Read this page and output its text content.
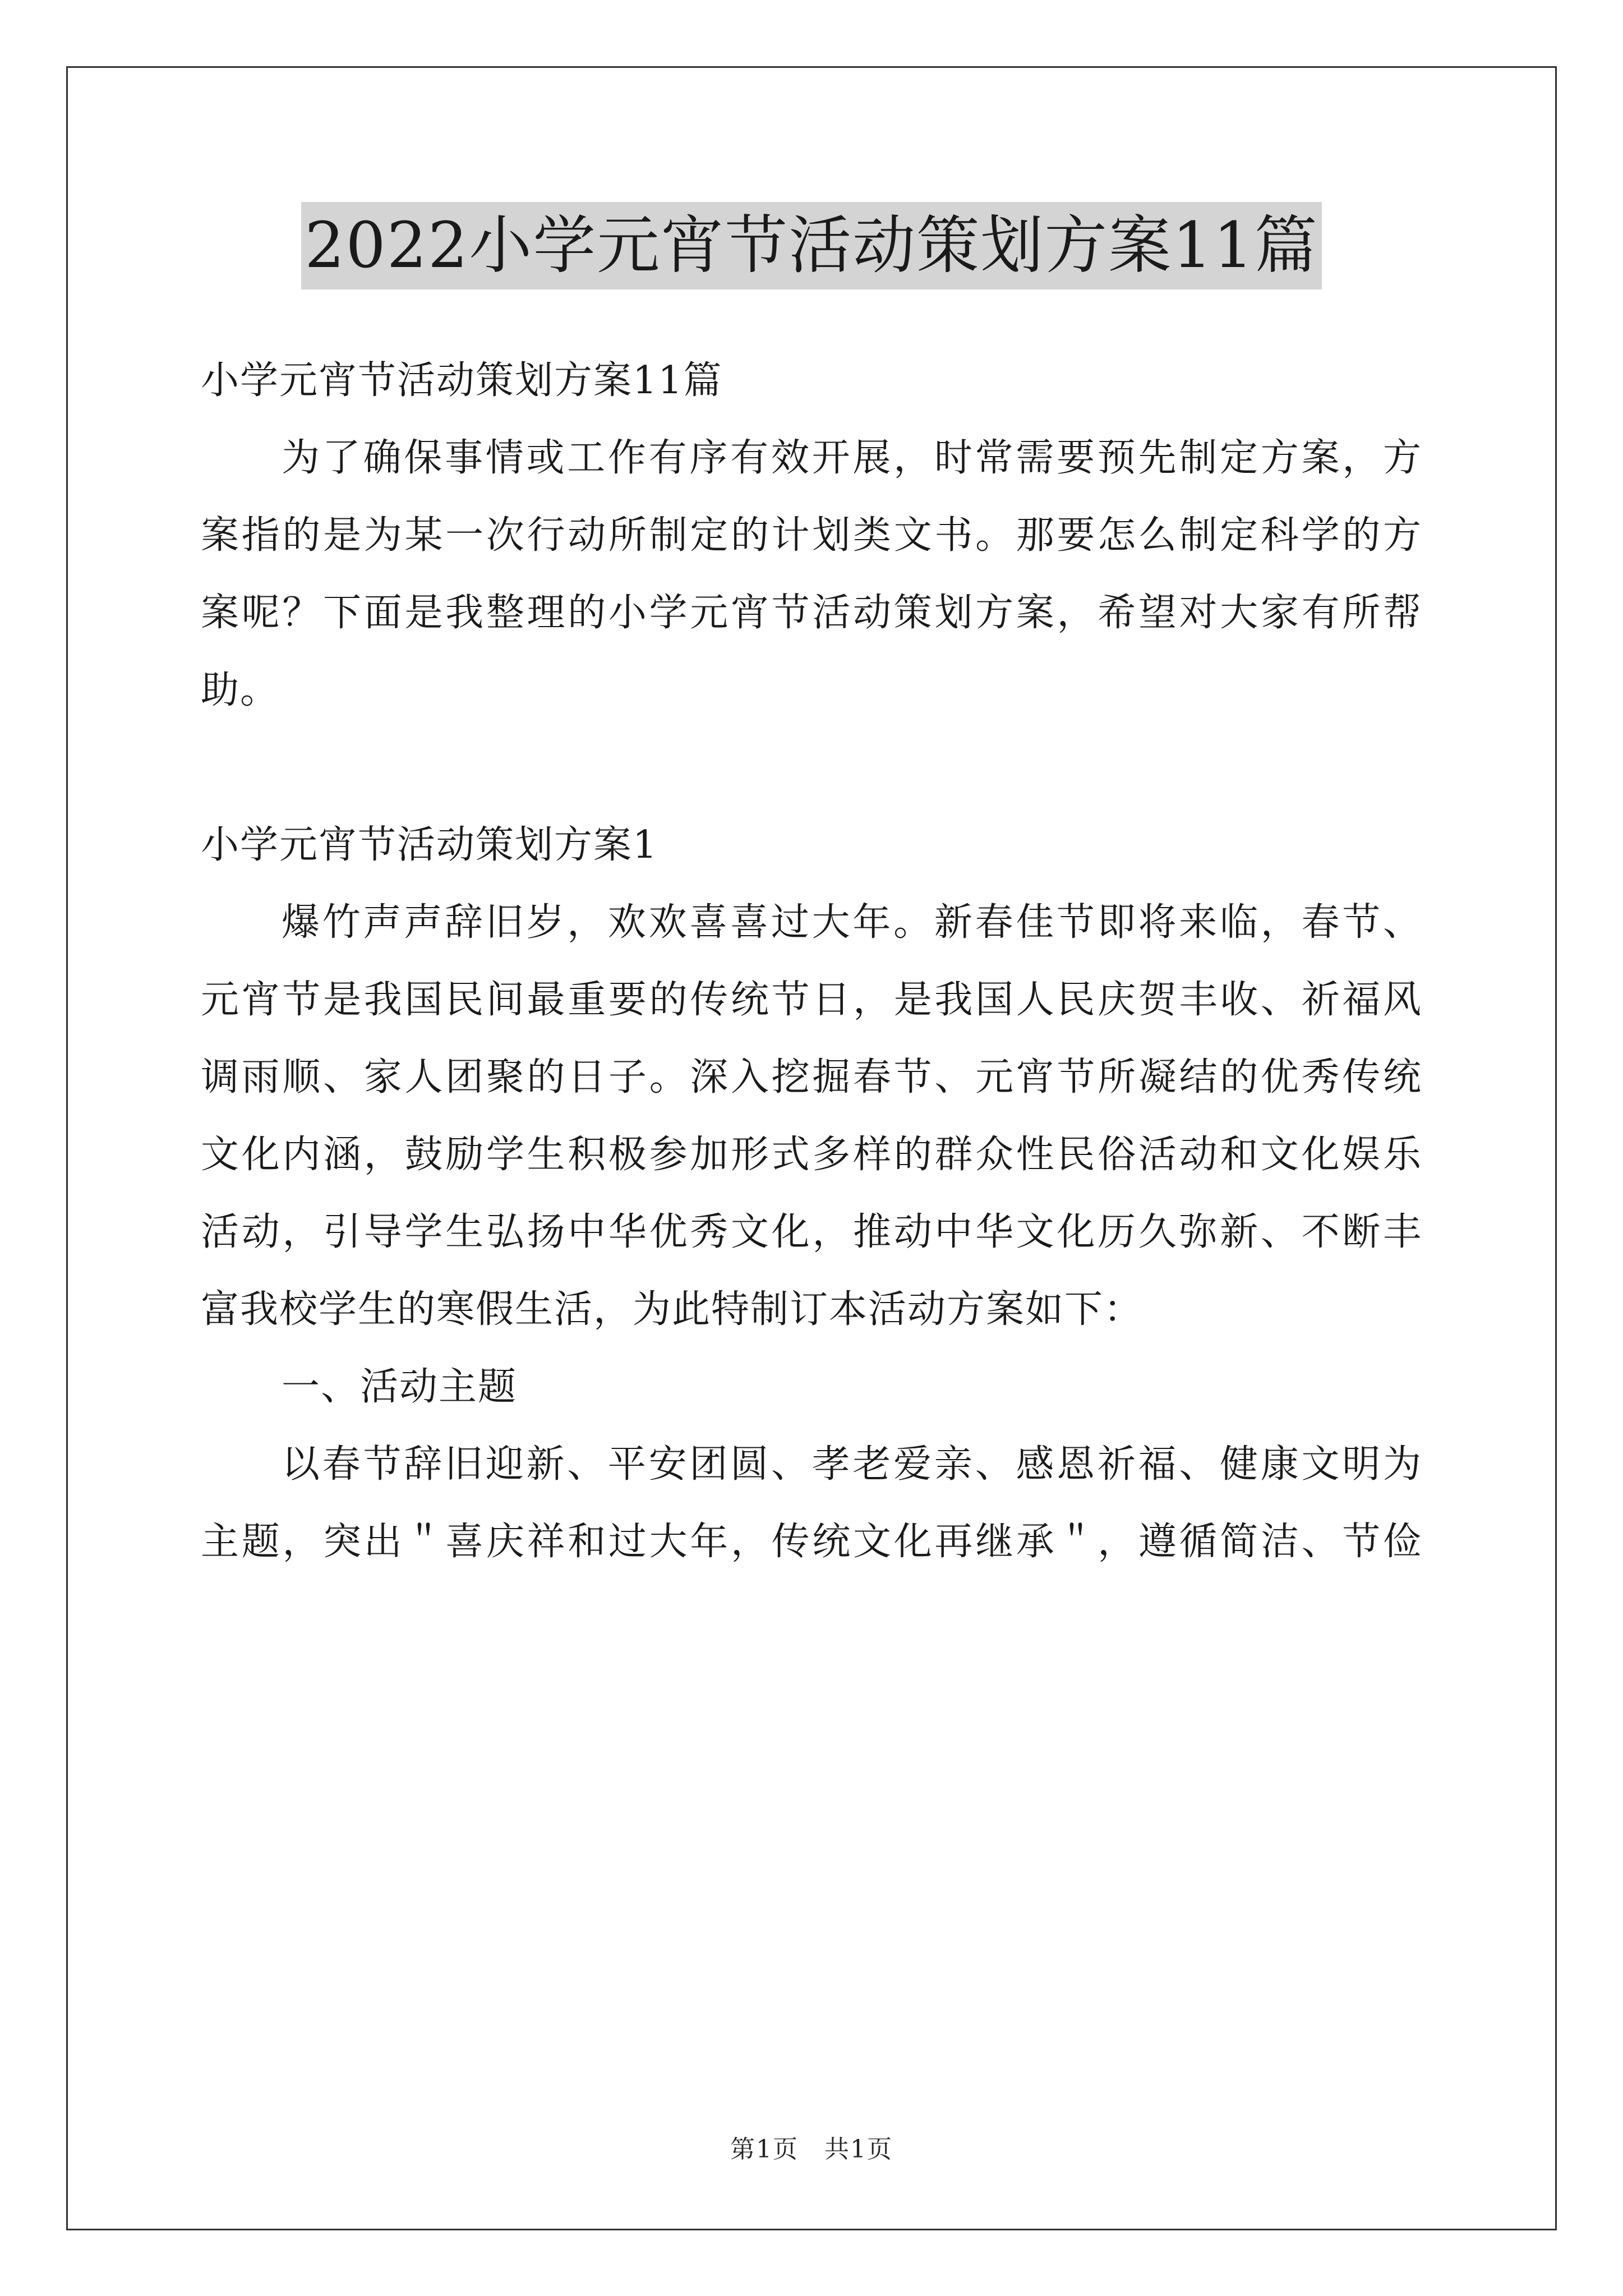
2022小学元宵节活动策划方案11篇
小学元宵节活动策划方案11篇
为了确保事情或工作有序有效开展，时常需要预先制定方案，方
案指的是为某一次行动所制定的计划类文书。那要怎么制定科学的方
案呢？下面是我整理的小学元宵节活动策划方案，希望对大家有所帮
助。
小学元宵节活动策划方案1
爆竹声声辞旧岁，欢欢喜喜过大年。新春佳节即将来临，春节、
元宵节是我国民间最重要的传统节日，是我国人民庆贺丰收、祈福风
调雨顺、家人团聚的日子。深入挖掘春节、元宵节所凝结的优秀传统
文化内涵，鼓励学生积极参加形式多样的群众性民俗活动和文化娱乐
活动，引导学生弘扬中华优秀文化，推动中华文化历久弥新、不断丰
富我校学生的寒假生活，为此特制订本活动方案如下：
一、活动主题
以春节辞旧迎新、平安团圆、孝老爱亲、感恩祈福、健康文明为
主题，突出＂喜庆祥和过大年，传统文化再继承＂，遵循简洁、节俭
第1页　共1页
